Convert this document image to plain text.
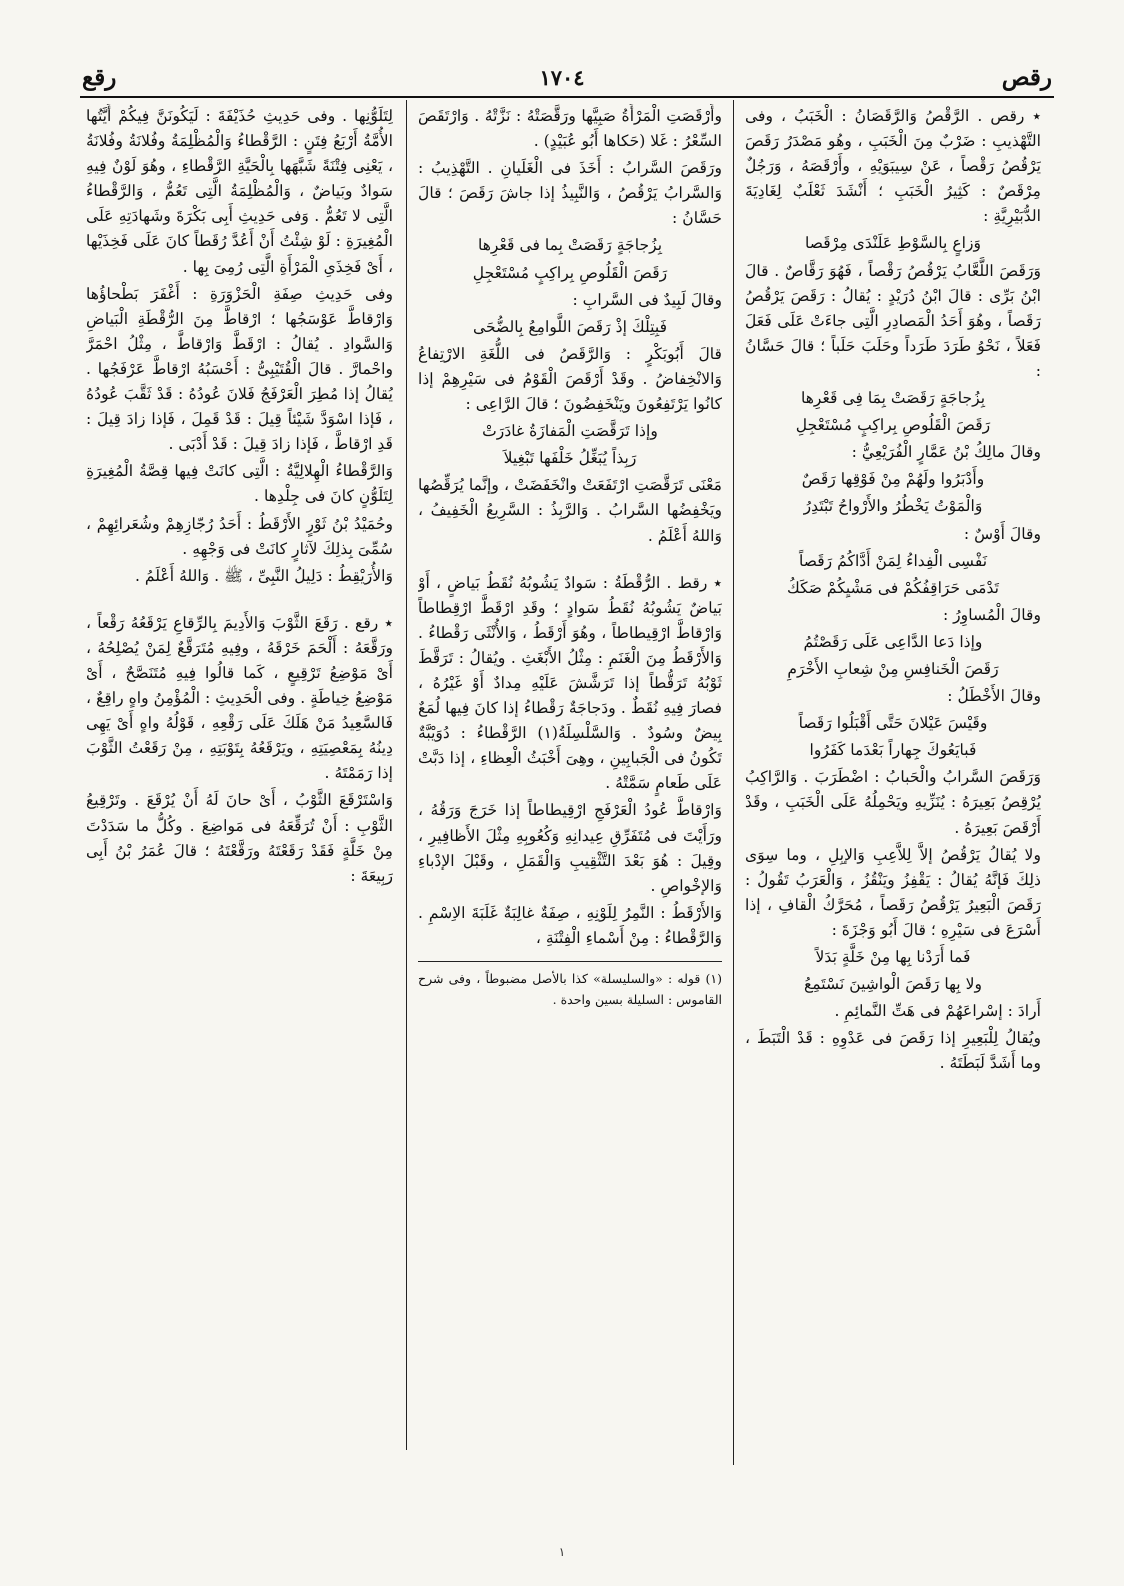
رقص
١٧٠٤
رقع

٭ رقص . الرَّقْصُ وَالرَّقَصَانُ : الْخَبَبُ ، وفى التَّهْذيبِ : ضَرْبٌ مِنَ الْخَبَبِ ، وهُو مَصْدَرُ رَقَصَ يَرْقُصُ رَقْصاً ، عَنْ سِيبَوَيْهِ ، وأَرْقَصَهُ ، وَرَجُلٌ مِرْقَصٌ : كَثِيرُ الْخَبَبِ ؛ أَنْشَدَ ثَعْلَبٌ لِغَادِيَةَ الدُّبَيْرِيَّةِ :

وَزاعٍ بِالسَّوْطِ عَلَنْدَى مِرْقَصا

وَرَقَصَ اللَّعَّابُ يَرْقُصُ رَقْصاً ، فَهُوَ رَقَّاصٌ . قالَ ابْنُ بَرِّى : قالَ ابْنُ دُرَيْدٍ : يُقالُ : رَقَصَ يَرْقُصُ رَقَصاً ، وهُوَ أَحَدُ الْمَصادِرِ الَّتِى جاءَتْ عَلَى فَعَلَ فَعَلاً ، نَحْوُ طَرَدَ طَرَداً وحَلَبَ حَلَباً ؛ قالَ حَسَّانُ :

بِزُجاجَةٍ رَقَصَتْ بِمَا فِى قَعْرِها

رَقَصَ الْقَلُوصِ بِراكِبٍ مُسْتَعْجِلِ

وقالَ مالِكُ بْنُ عَمَّارٍ الْفُرَيْعِيُّ :

وأَدْبَرُوا ولَهُمْ مِنْ فَوْقِها رَقَصٌ

وَالْمَوْتُ يَخْطُرُ والأَرْواحُ تَبْتَدِرُ

وقالَ أَوْسٌ :

نَفْسِى الْفِداءُ لِمَنْ أَدَّاكُمُ رَقَصاً

تَدْمَى حَرَاقِفُكُمْ فى مَشْيِكُمْ صَكَكُ

وقالَ الْمُساوِرُ :

وإذا دَعا الدَّاعِى عَلَى رَقَصْتُمُ

رَقَصَ الْخَنافِسِ مِنْ شِعابِ الأَخْرَمِ

وقالَ الأَخْطَلُ :

وقَيْسَ عَيْلانَ حَتَّى أَقْبَلُوا رَقَصاً

فَبايَعُوكَ جِهاراً بَعْدَما كَفَرُوا

وَرَقَصَ السَّرابُ والْحَبابُ : اضْطَرَبَ . وَالرَّاكِبُ يُرْقِصُ بَعِيرَهُ : يُنَزِّيهِ ويَحْمِلُهُ عَلَى الْخَبَبِ ، وقَدْ أَرْقَصَ بَعِيرَهُ .

ولا يُقالُ يَرْقُصُ إلاَّ لِلاَّعِبِ وَالإبِلِ ، وما سِوَى ذلِكَ فَإنَّهُ يُقالُ : يَقْفِزُ ويَنْقُزُ ، وَالْعَرَبُ تَقُولُ : رَقَصَ الْبَعِيرُ يَرْقُصُ رَقَصاً ، مُحَرَّكُ الْقافِ ، إذا أَسْرَعَ فى سَيْرِهِ ؛ قالَ أَبُو وَجْزَةَ :

فَما أَرَدْنا بِها مِنْ خَلَّةٍ بَدَلاً

ولا بِها رَقَصَ الْواشِينَ نَسْتَمِعُ

أَرادَ : إسْراعَهُمْ فى هَتِّ النَّمائِمِ .

ويُقالُ لِلْبَعِيرِ إذا رَقَصَ فى عَدْوِهِ : قَدْ الْتَبَطَ ، وما أَشَدَّ لَبَطَتَهُ .

وأَرْقَصَتِ الْمَرْأَةُ صَبِيَّها ورَقَّصَتْهُ : نَزَّتْهُ . وَارْتَقَصَ السِّعْرُ : غَلا (حَكاها أَبُو عُبَيْدٍ) .

ورَقَصَ السَّرابُ : أَخَذَ فى الْغَلَيانِ . التَّهْذِيبُ : وَالسَّرابُ يَرْقُصُ ، وَالنَّبِيذُ إذا جاشَ رَقَصَ ؛ قالَ حَسَّانُ :

بِزُجاجَةٍ رَقَصَتْ بِما فى قَعْرِها

رَقَصَ الْقَلُوصِ بِراكِبٍ مُسْتَعْجِلِ

وقالَ لَبِيدٌ فى السَّرابِ :

فَبِتِلْكَ إذْ رَقَصَ اللَّوامِعُ بِالضُّحَى

قالَ أَبُوبَكْرٍ : وَالرَّقَصُ فى اللُّغَةِ الارْتِفاعُ وَالانْخِفاضُ . وقَدْ أَرْقَصَ الْقَوْمُ فى سَيْرِهِمْ إذا كانُوا يَرْتَفِعُونَ ويَنْخَفِضُونَ ؛ قالَ الرَّاعِى :

وإذا تَرَقَّصَتِ الْمَفازَةُ غادَرَتْ

رَبِذاً يُبَغِّلُ خَلْفَها تَبْغِيلاَ

مَعْنَى تَرَقَّصَتِ ارْتَفَعَتْ وانْخَفَضَتْ ، وإنَّما يُرَقِّصُها ويَخْفِضُها السَّرابُ . وَالرَّبِذُ : السَّرِيعُ الْخَفِيفُ ، وَاللهُ أَعْلَمُ .

٭ رقط . الرُّقْطَةُ : سَوادٌ يَشُوبُهُ نُقَطُ بَياضٍ ، أَوْ بَياضٌ يَشُوبُهُ نُقَطُ سَوادٍ ؛ وقَدِ ارْقَطَّ ارْقِطاطاً وَارْقاطَّ ارْقِيطاطاً ، وهُوَ أَرْقَطُ ، وَالأُنْثَى رَقْطاءُ . وَالأَرْقَطُ مِنَ الْغَنَمِ : مِثْلُ الأَبْغَثِ . ويُقالُ : تَرَقَّطَ ثَوْبُهُ تَرَقُّطاً إذا تَرَشَّشَ عَلَيْهِ مِدادٌ أَوْ غَيْرُهُ ، فصارَ فِيهِ نُقَطٌ . ودَجاجَةٌ رَقْطاءُ إذا كانَ فِيها لُمَعٌ بِيضٌ وسُودٌ . وَالسَّلْسِلَةُ(١) الرَّقْطاءُ : دُوَيْبَّةٌ تَكُونُ فى الْجَبابِينِ ، وهِىَ أَخْبَثُ الْعِظاءِ ، إذا دَبَّتْ عَلَى طَعامٍ سَمَّتْهُ .

وَارْقاطَّ عُودُ الْعَرْفَجِ ارْقِيطاطاً إذا خَرَجَ وَرَقُهُ ، ورَأَيْتَ فى مُتَفَرِّقِ عِيدانِهِ وَكُعُوبِهِ مِثْلَ الأَظافِيرِ ، وقِيلَ : هُوَ بَعْدَ التَّثْقِيبِ وَالْقَمَلِ ، وقَبْلَ الإدْباءِ وَالإخْواصِ .

وَالأَرْقَطُ : النَّمِرُ لِلَوْنِهِ ، صِفَةٌ غالِبَةٌ غَلَبَةَ الاِسْمِ . وَالرَّقْطاءُ : مِنْ أَسْماءِ الْفِتْنَةِ ،

(١) قوله : «والسليسلة» كذا بالأصل مضبوطاً ، وفى شرح القاموس : السليلة بسين واحدة .

لِتَلَوُّنِها . وفى حَدِيثِ حُذَيْفَةَ : لَيَكُونَنَّ فِيكُمْ أَيَّتُها الأُمَّةُ أَرْبَعُ فِتَنٍ : الرَّقْطاءُ وَالْمُظْلِمَةُ وفُلانَةُ وفُلانَةُ ، يَعْنِى فِتْنَةً شَبَّهَها بِالْحَيَّةِ الرَّقْطاءِ ، وهُوَ لَوْنٌ فِيهِ سَوادٌ وبَياضٌ ، وَالْمُظْلِمَةُ الَّتِى تَعُمُّ ، وَالرَّقْطاءُ الَّتِى لا تَعُمُّ . وَفى حَدِيثِ أَبِى بَكْرَةَ وشَهادَتِهِ عَلَى الْمُغِيرَةِ : لَوْ شِئْتُ أَنْ أَعُدَّ رُقَطاً كانَ عَلَى فَخِذَيْها ، أَىْ فَخِذَىِ الْمَرْأَةِ الَّتِى رُمِىَ بِها .

وفى حَدِيثِ صِفَةِ الْحَزْوَرَةِ : أَغْفَرَ بَطْحاؤُها وَارْقاطَّ عَوْسَجُها ؛ ارْقاطَّ مِنَ الرُّقْطَةِ الْبَياضِ وَالسَّوادِ . يُقالُ : ارْقَطَّ وَارْقاطَّ ، مِثْلُ احْمَرَّ واحْمارَّ . قالَ الْقُتَيْبِىُّ : أَحْسَبُهُ ارْقاطَّ عَرْفَجُها . يُقالُ إذا مُطِرَ الْعَرْفَجُ فَلانَ عُودُهُ : قَدْ ثَقَّبَ عُودُهُ ، فَإذا اسْوَدَّ شَيْئاً قِيلَ : قَدْ قَمِلَ ، فَإذا زادَ قِيلَ : قَدِ ارْقاطَّ ، فَإذا زادَ قِيلَ : قَدْ أَدْبَى .

وَالرَّقْطاءُ الْهِلالِيَّةُ : الَّتِى كانَتْ فِيها قِصَّةُ الْمُغِيرَةِ لِتَلَوُّنٍ كانَ فى جِلْدِها .

وحُمَيْدُ بْنُ ثَوْرٍ الأَرْقَطُ : أَحَدُ رُجّازِهِمْ وشُعَرائِهِمْ ، سُمِّىَ بِذلِكَ لآثارٍ كانَتْ فى وَجْهِهِ .

وَالأُرَيْقِطُ : دَلِيلُ النَّبِىِّ ، ﷺ . وَاللهُ أَعْلَمُ .

٭ رقع . رَقَعَ الثَّوْبَ وَالأَدِيمَ بِالرِّقاعِ يَرْقَعُهُ رَقْعاً ، ورَقَّعَهُ : أَلْحَمَ خَرْقَهُ ، وفِيهِ مُتَرَقَّعٌ لِمَنْ يُصْلِحُهُ ، أَىْ مَوْضِعُ تَرْقِيعٍ ، كَما قالُوا فِيهِ مُتَنَصَّحٌ ، أَىْ مَوْضِعُ خِياطَةٍ . وفى الْحَدِيثِ : الْمُؤْمِنُ واهٍ راقِعٌ ، فَالسَّعِيدُ مَنْ هَلَكَ عَلَى رَقْعِهِ ، قَوْلُهُ واهٍ أَىْ يَهِى دِينُهُ بِمَعْصِيَتِهِ ، ويَرْقَعُهُ بِتَوْبَتِهِ ، مِنْ رَقَعْتُ الثَّوْبَ إذا رَمَمْتَهُ .

وَاسْتَرْقَعَ الثَّوْبُ ، أَىْ حانَ لَهُ أَنْ يُرْقَعَ . وتَرْقِيعُ الثَّوْبِ : أَنْ تُرَقِّعَهُ فى مَواضِعَ . وكُلُّ ما سَدَدْتَ مِنْ خَلَّةٍ فَقَدْ رَقَعْتَهُ ورَقَّعْتَهُ ؛ قالَ عُمَرُ بْنُ أَبِى رَبِيعَةَ :

١
